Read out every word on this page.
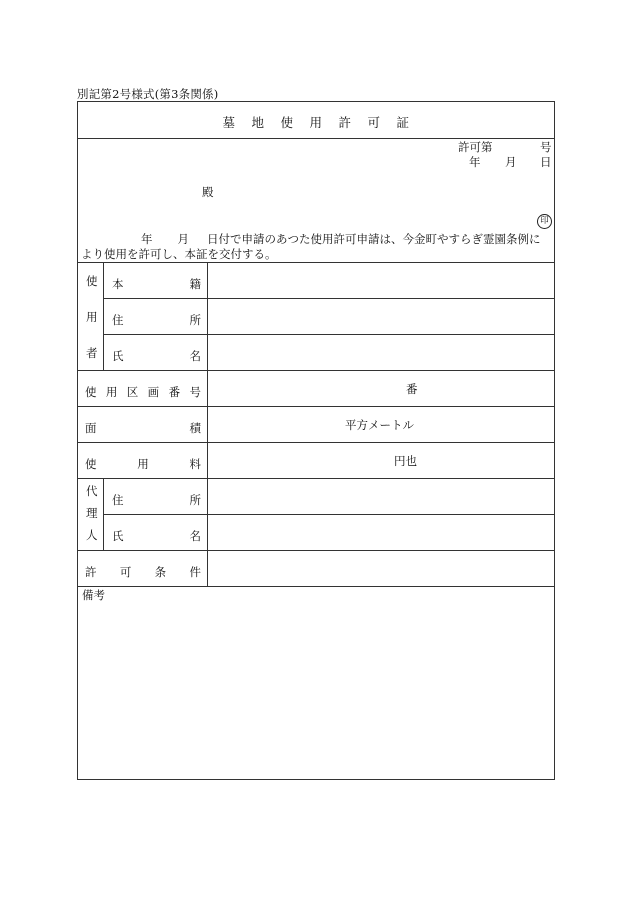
別記第2号様式(第3条関係)
墓地使用許可証
許可第	号
年 月 日
殿
印
年 月 日付で申請のあつた使用許可申請は、今金町やすらぎ霊園条例に
より使用を許可し、本証を交付する。
使
用
者
本	籍
住	所
氏	名
使 用 区 画 番 号	番
面	積	平方メートル
使	用	料	円也
代
理
人
住	所
氏	名
許 可 条 件
備考
